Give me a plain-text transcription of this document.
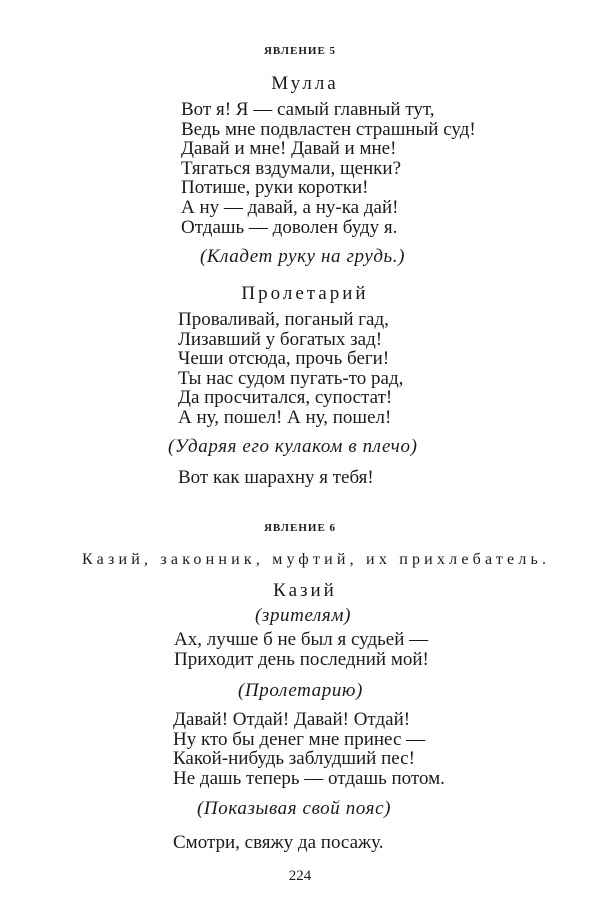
ЯВЛЕНИЕ 5
Мулла
Вот я! Я — самый главный тут,
Ведь мне подвластен страшный суд!
Давай и мне! Давай и мне!
Тягаться вздумали, щенки?
Потише, руки коротки!
А ну — давай, а ну-ка дай!
Отдашь — доволен буду я.
(Кладет руку на грудь.)
Пролетарий
Проваливай, поганый гад,
Лизавший у богатых зад!
Чеши отсюда, прочь беги!
Ты нас судом пугать-то рад,
Да просчитался, супостат!
А ну, пошел! А ну, пошел!
(Ударяя его кулаком в плечо)
Вот как шарахну я тебя!
ЯВЛЕНИЕ 6
Казий, законник, муфтий, их прихлебатель.
Казий
(зрителям)
Ах, лучше б не был я судьей —
Приходит день последний мой!
(Пролетарию)
Давай! Отдай! Давай! Отдай!
Ну кто бы денег мне принес —
Какой-нибудь заблудший пес!
Не дашь теперь — отдашь потом.
(Показывая свой пояс)
Смотри, свяжу да посажу.
224
